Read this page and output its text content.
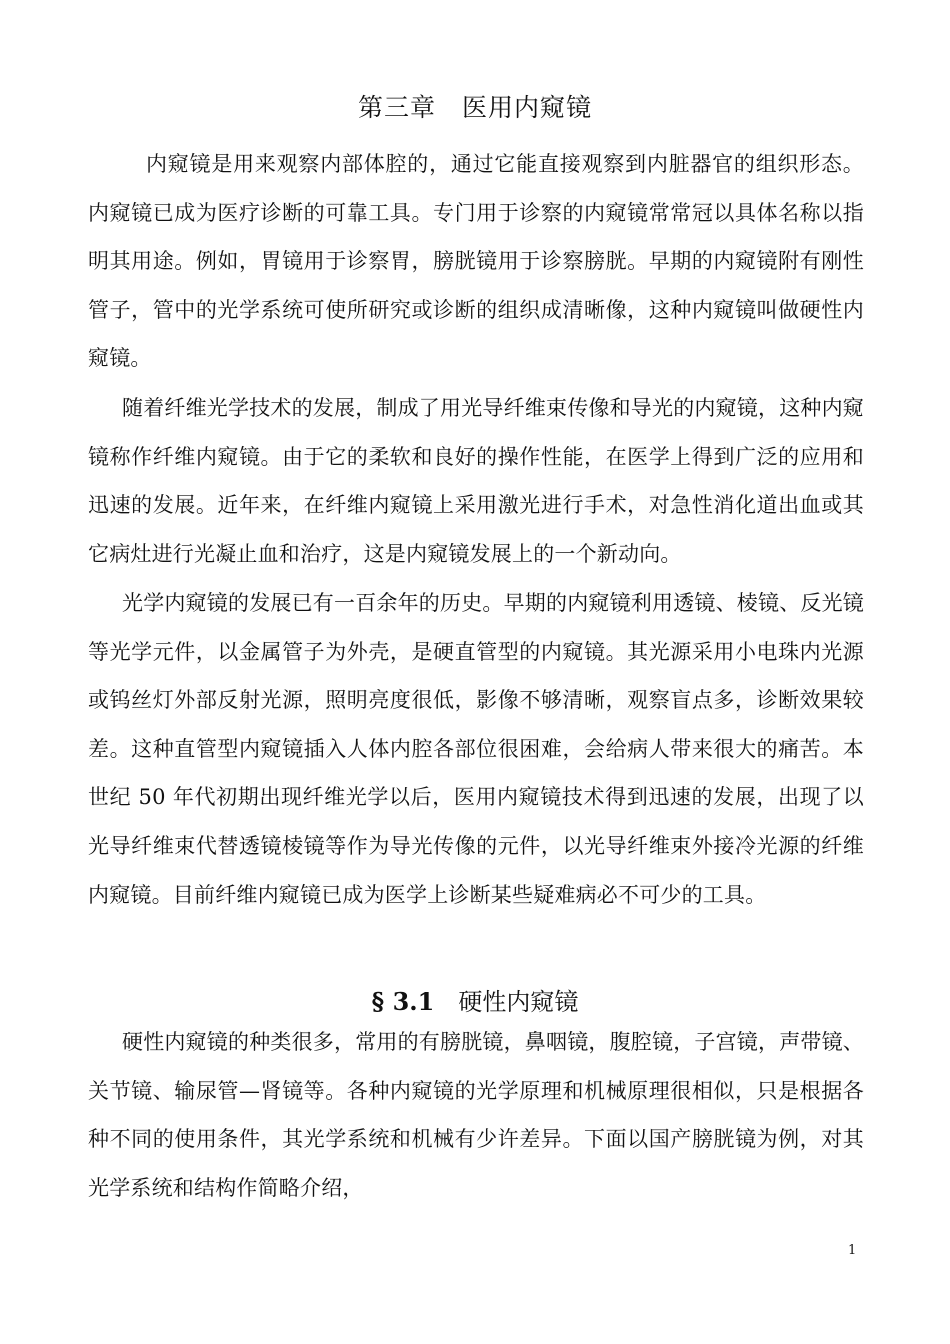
第三章 医用内窥镜

内窥镜是用来观察内部体腔的，通过它能直接观察到内脏器官的组织形态。内窥镜已成为医疗诊断的可靠工具。专门用于诊察的内窥镜常常冠以具体名称以指明其用途。例如，胃镜用于诊察胃，膀胱镜用于诊察膀胱。早期的内窥镜附有刚性管子，管中的光学系统可使所研究或诊断的组织成清晰像，这种内窥镜叫做硬性内窥镜。

随着纤维光学技术的发展，制成了用光导纤维束传像和导光的内窥镜，这种内窥镜称作纤维内窥镜。由于它的柔软和良好的操作性能，在医学上得到广泛的应用和迅速的发展。近年来，在纤维内窥镜上采用激光进行手术，对急性消化道出血或其它病灶进行光凝止血和治疗，这是内窥镜发展上的一个新动向。

光学内窥镜的发展已有一百余年的历史。早期的内窥镜利用透镜、棱镜、反光镜等光学元件，以金属管子为外壳，是硬直管型的内窥镜。其光源采用小电珠内光源或钨丝灯外部反射光源，照明亮度很低，影像不够清晰，观察盲点多，诊断效果较差。这种直管型内窥镜插入人体内腔各部位很困难，会给病人带来很大的痛苦。本世纪 50 年代初期出现纤维光学以后，医用内窥镜技术得到迅速的发展，出现了以光导纤维束代替透镜棱镜等作为导光传像的元件，以光导纤维束外接冷光源的纤维内窥镜。目前纤维内窥镜已成为医学上诊断某些疑难病必不可少的工具。

§ 3.1 硬性内窥镜

硬性内窥镜的种类很多，常用的有膀胱镜，鼻咽镜，腹腔镜，子宫镜，声带镜、关节镜、输尿管—肾镜等。各种内窥镜的光学原理和机械原理很相似，只是根据各种不同的使用条件，其光学系统和机械有少许差异。下面以国产膀胱镜为例，对其光学系统和结构作简略介绍，

1
